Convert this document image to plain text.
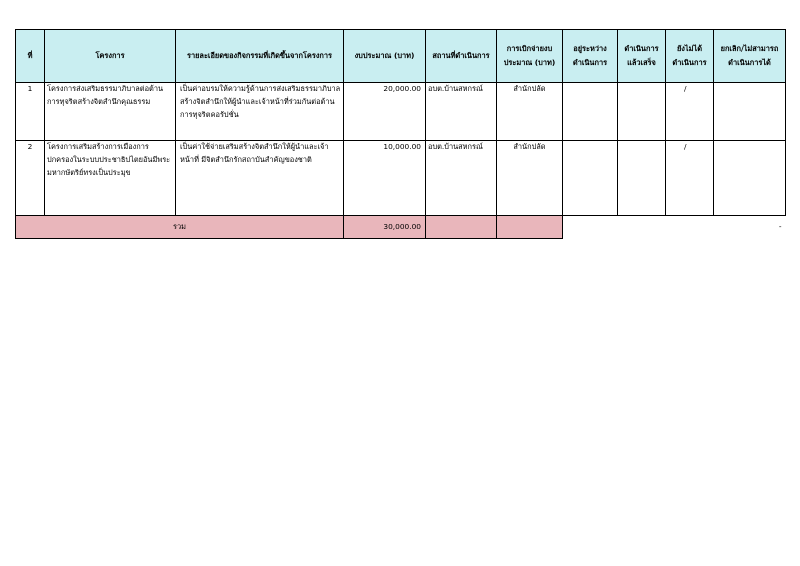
ที่	โครงการ	รายละเอียดของกิจกรรมที่เกิดขึ้นจากโครงการ	งบประมาณ (บาท)	สถานที่ดำเนินการ	การเบิกจ่ายงบประมาณ (บาท)	อยู่ระหว่างดำเนินการ	ดำเนินการแล้วเสร็จ	ยังไม่ได้ดำเนินการ	ยกเลิก/ไม่สามารถดำเนินการได้
1	โครงการส่งเสริมธรรมาภิบาลต่อต้านการทุจริตสร้างจิตสำนึกคุณธรรม	เป็นค่าอบรมให้ความรู้ด้านการส่งเสริมธรรมาภิบาล สร้างจิตสำนึกให้ผู้นำและเจ้าหน้าที่ร่วมกันต่อต้านการทุจริตคอรัปชั่น	20,000.00	อบต.บ้านสหกรณ์	สำนักปลัด			/	
2	โครงการเสริมสร้างการเมืองการปกครองในระบบประชาธิปไตยอันมีพระมหากษัตริย์ทรงเป็นประมุข	เป็นค่าใช้จ่ายเสริมสร้างจิตสำนึกให้ผู้นำและเจ้าหน้าที่ มีจิตสำนึกรักสถาบันสำคัญของชาติ	10,000.00	อบต.บ้านสหกรณ์	สำนักปลัด			/	
รวม			30,000.00						-
